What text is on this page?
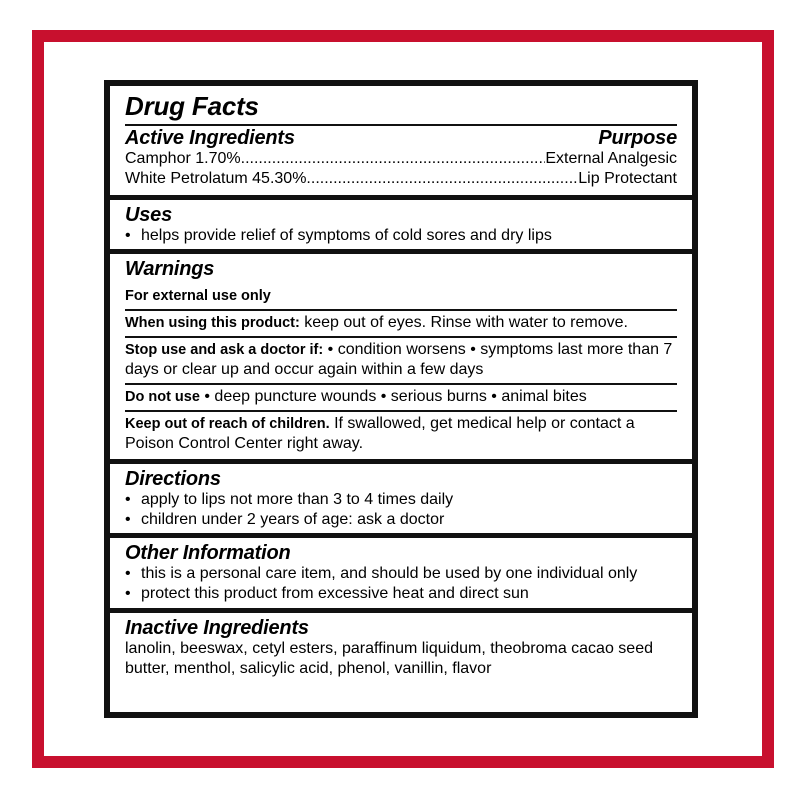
Drug Facts
Active Ingredients	Purpose
Camphor 1.70% .....	External Analgesic
White Petrolatum 45.30% .....	Lip Protectant
Uses
• helps provide relief of symptoms of cold sores and dry lips
Warnings
For external use only
When using this product: keep out of eyes. Rinse with water to remove.
Stop use and ask a doctor if: • condition worsens • symptoms last more than 7 days or clear up and occur again within a few days
Do not use • deep puncture wounds • serious burns • animal bites
Keep out of reach of children. If swallowed, get medical help or contact a Poison Control Center right away.
Directions
• apply to lips not more than 3 to 4 times daily
• children under 2 years of age: ask a doctor
Other Information
• this is a personal care item, and should be used by one individual only
• protect this product from excessive heat and direct sun
Inactive Ingredients
lanolin, beeswax, cetyl esters, paraffinum liquidum, theobroma cacao seed butter, menthol, salicylic acid, phenol, vanillin, flavor
